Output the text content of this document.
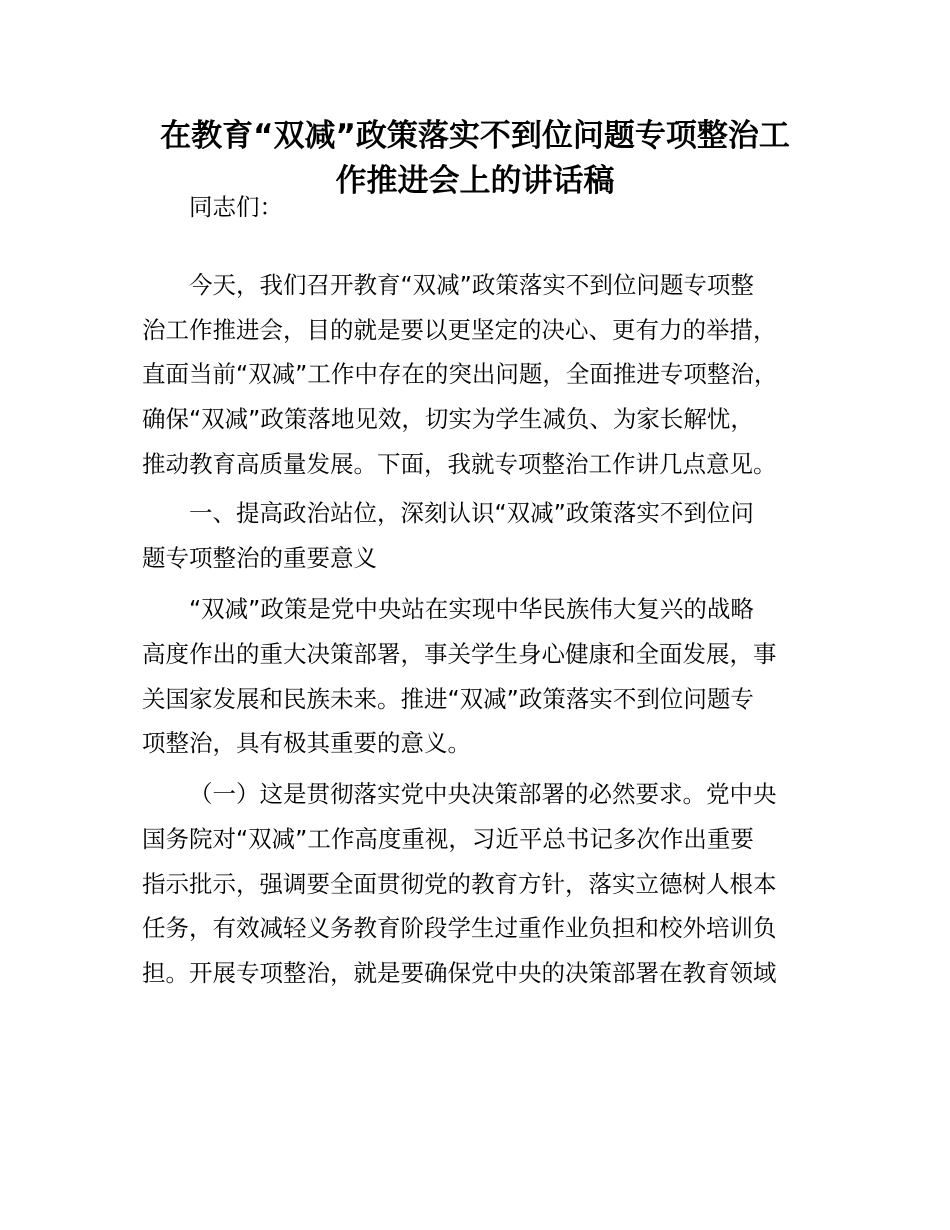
在教育“双减”政策落实不到位问题专项整治工
作推进会上的讲话稿

同志们：

今天，我们召开教育“双减”政策落实不到位问题专项整

治工作推进会，目的就是要以更坚定的决心、更有力的举措，

直面当前“双减”工作中存在的突出问题，全面推进专项整治，

确保“双减”政策落地见效，切实为学生减负、为家长解忧，

推动教育高质量发展。下面，我就专项整治工作讲几点意见。

一、提高政治站位，深刻认识“双减”政策落实不到位问

题专项整治的重要意义

“双减”政策是党中央站在实现中华民族伟大复兴的战略

高度作出的重大决策部署，事关学生身心健康和全面发展，事

关国家发展和民族未来。推进“双减”政策落实不到位问题专

项整治，具有极其重要的意义。

（一）这是贯彻落实党中央决策部署的必然要求。党中央

国务院对“双减”工作高度重视，习近平总书记多次作出重要

指示批示，强调要全面贯彻党的教育方针，落实立德树人根本

任务，有效减轻义务教育阶段学生过重作业负担和校外培训负

担。开展专项整治，就是要确保党中央的决策部署在教育领域
